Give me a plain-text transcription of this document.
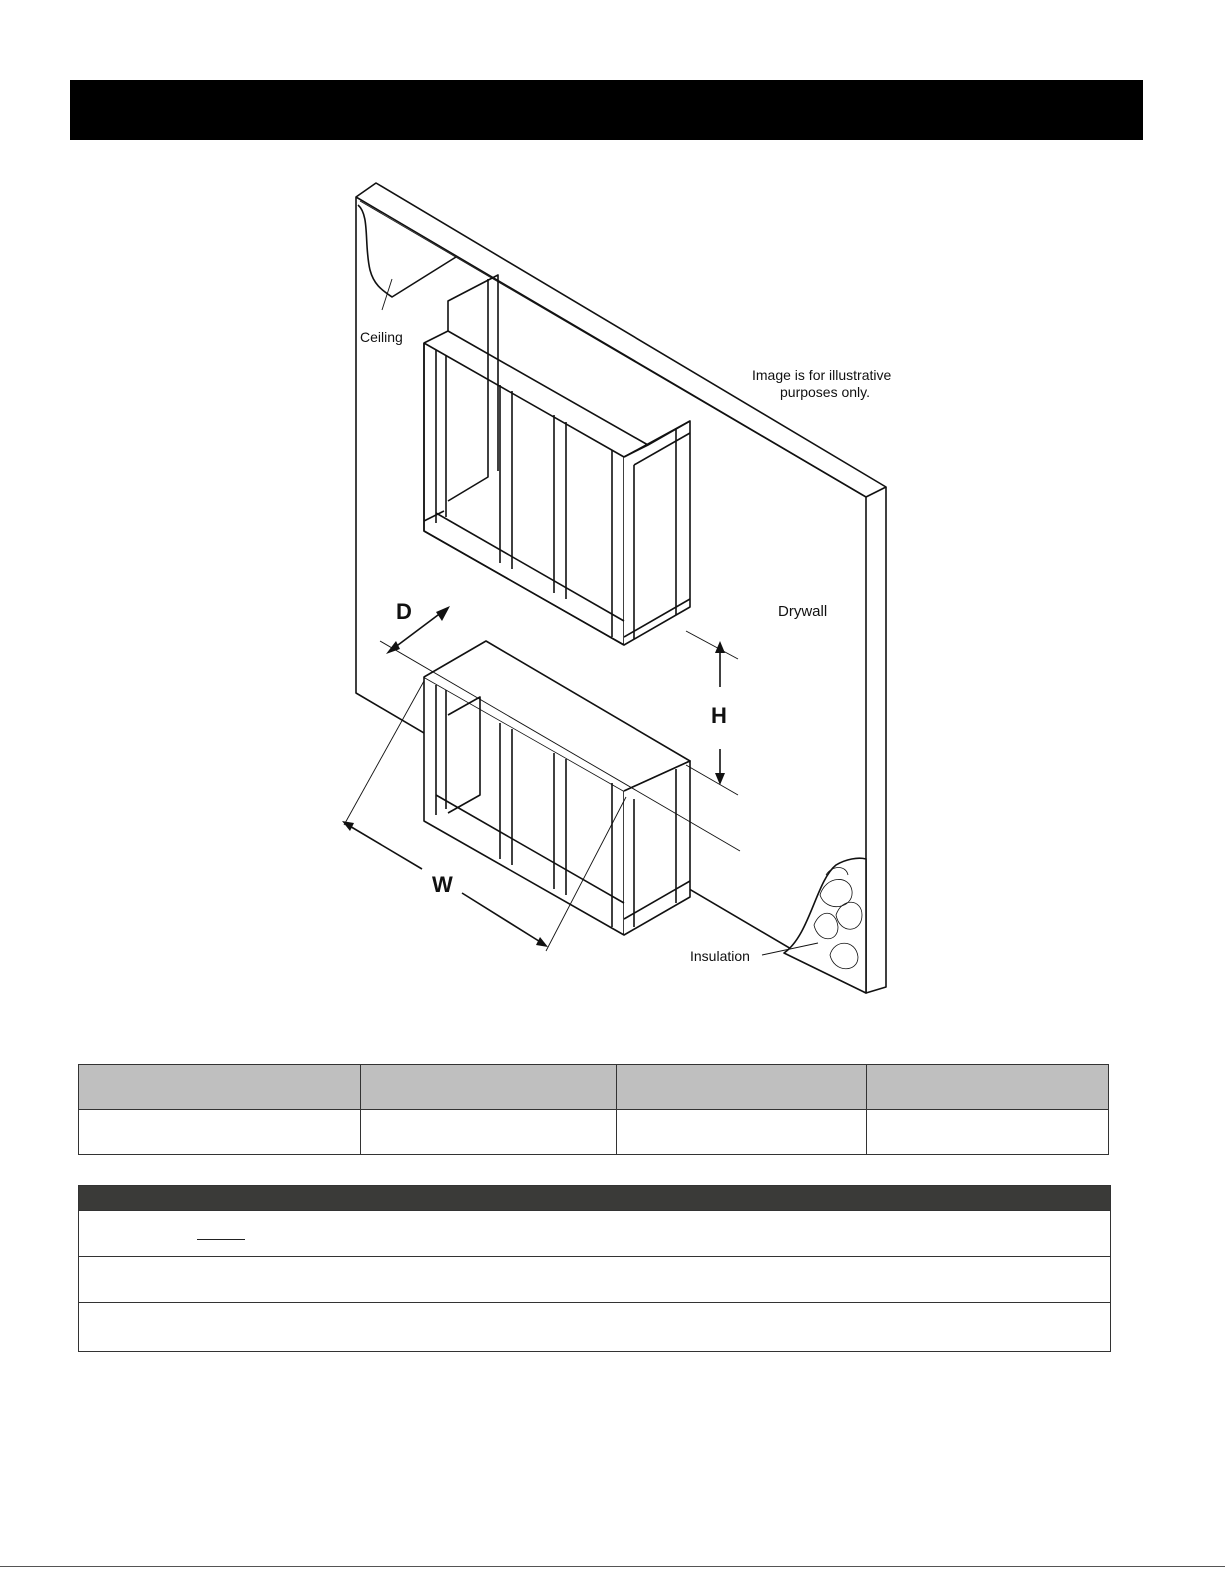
Ceiling
Image is for illustrative
purposes only.
Drywall
D
H
W
Insulation
